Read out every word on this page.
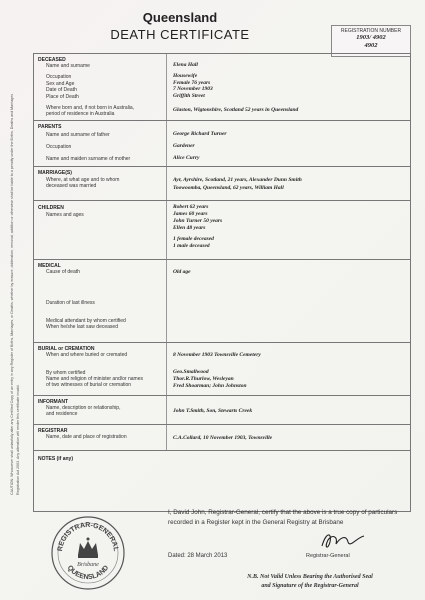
CAUTION: Whosoever shall unlawfully alter any Certified Copy of an entry in any Register of Births, Marriages, or Deaths, whether by erasure, obliteration, removal, addition or otherwise shall be liable to a penalty under the Births, Deaths and Marriages Registration Act 2003. Any alteration will render this certificate invalid.
Queensland
DEATH CERTIFICATE	REGISTRATION NUMBER
1903/ 4902
4902
DECEASED
Name and surname	Elena Hall
Occupation	Housewife
Sex and Age	Female 76 years
Date of Death	7 November 1903
Place of Death	Griffith Street
Where born and, if not born in Australia,
period of residence in Australia
Glaston, Wigtonshire, Scotland 52 years in Queensland
PARENTS
Name and surname of father	George Richard Turner
Occupation	Gardener
Name and maiden surname of mother	Alice Curry
MARRIAGE(S)
Where, at what age and to whom
deceased was married
Ayr, Ayrshire, Scotland, 21 years, Alexander Dunn Smith
Toowoomba, Queensland, 62 years, William Hall
CHILDREN
Names and ages
Robert 62 years
James 60 years
John Turner 50 years
Ellen 48 years
1 female deceased
1 male deceased
MEDICAL
Cause of death	Old age
Duration of last illness
Medical attendant by whom certified
When he/she last saw deceased
BURIAL or CREMATION
When and where buried or cremated	8 November 1903 Townsville Cemetery
By whom certified	Geo.Smallwood
Name and religion of minister and/or names
of two witnesses of burial or cremation
Thor.R.Thurlow, Wesleyan
Fred Shoarman; John Johnston
INFORMANT
Name, description or relationship,
and residence	John T.Smith, Son, Stewarts Creek
REGISTRAR
Name, date and place of registration	C.A.Collard, 10 November 1903, Townsville
NOTES (if any)
REGISTRAR-GENERAL
QUEENSLAND
Brisbane
I, David John, Registrar-General, certify that the above is a true copy of particulars recorded in a Register kept in the General Registry at Brisbane
Dated: 28 March 2013	Registrar-General
N.B. Not Valid Unless Bearing the Authorised Seal
and Signature of the Registrar-General
